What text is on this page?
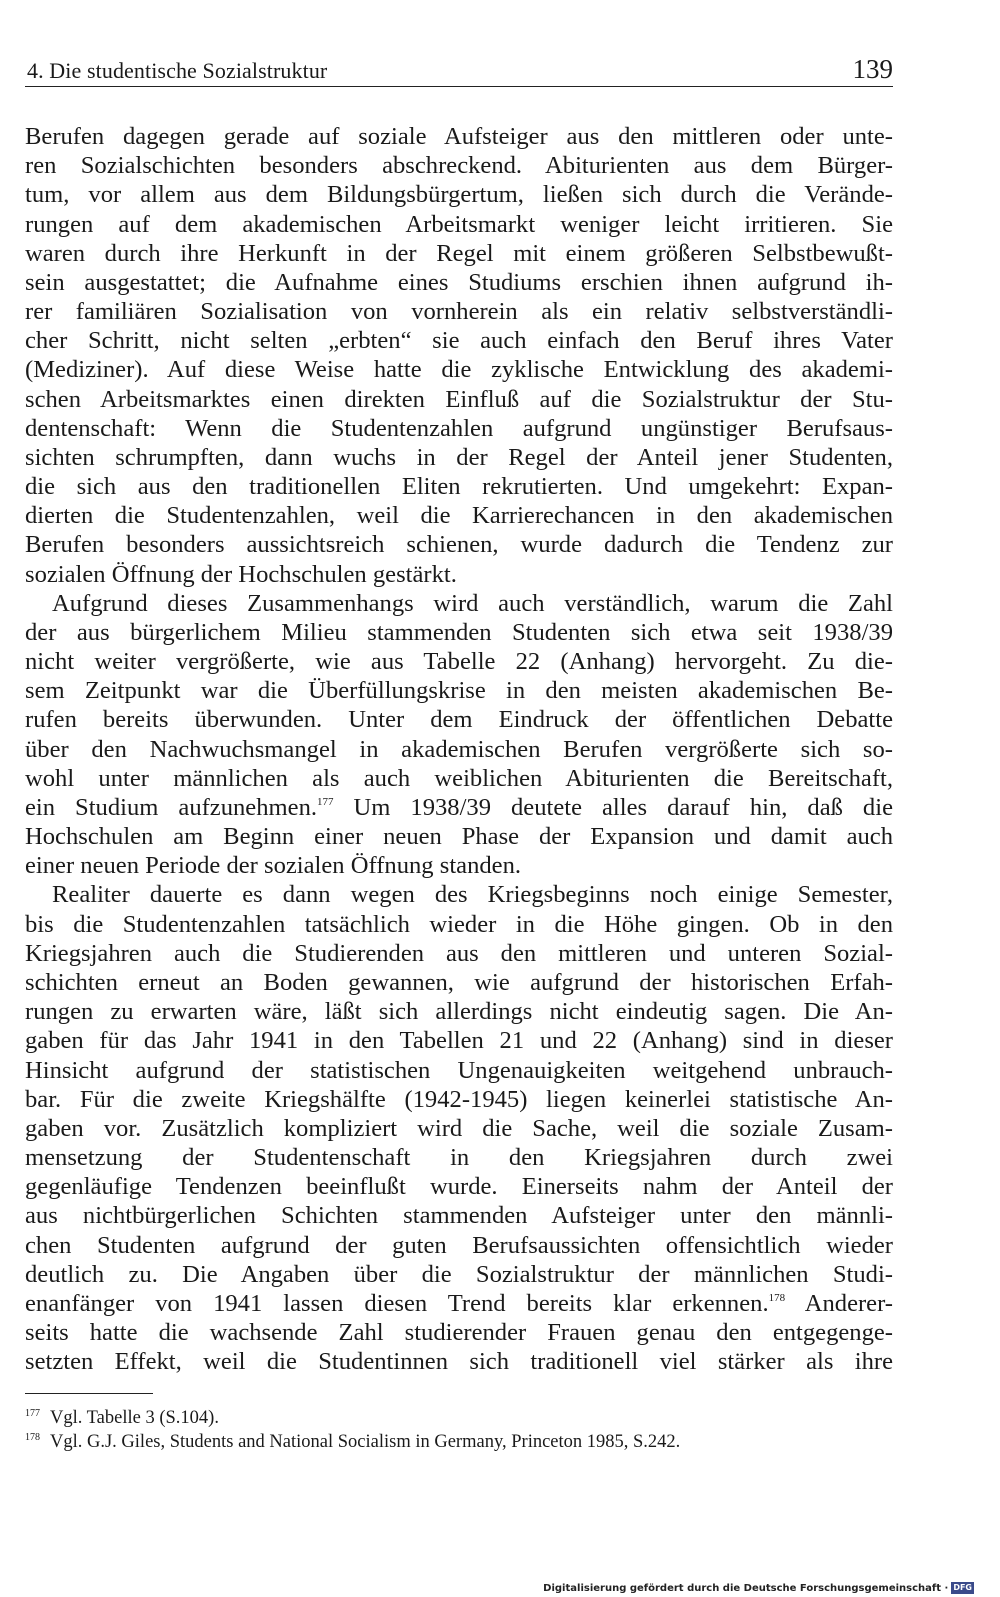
4. Die studentische Sozialstruktur	139
Berufen dagegen gerade auf soziale Aufsteiger aus den mittleren oder unte-
ren Sozialschichten besonders abschreckend. Abiturienten aus dem Bürger-
tum, vor allem aus dem Bildungsbürgertum, ließen sich durch die Verände-
rungen auf dem akademischen Arbeitsmarkt weniger leicht irritieren. Sie
waren durch ihre Herkunft in der Regel mit einem größeren Selbstbewußt-
sein ausgestattet; die Aufnahme eines Studiums erschien ihnen aufgrund ih-
rer familiären Sozialisation von vornherein als ein relativ selbstverständli-
cher Schritt, nicht selten „erbten“ sie auch einfach den Beruf ihres Vater
(Mediziner). Auf diese Weise hatte die zyklische Entwicklung des akademi-
schen Arbeitsmarktes einen direkten Einfluß auf die Sozialstruktur der Stu-
dentenschaft: Wenn die Studentenzahlen aufgrund ungünstiger Berufsaus-
sichten schrumpften, dann wuchs in der Regel der Anteil jener Studenten,
die sich aus den traditionellen Eliten rekrutierten. Und umgekehrt: Expan-
dierten die Studentenzahlen, weil die Karrierechancen in den akademischen
Berufen besonders aussichtsreich schienen, wurde dadurch die Tendenz zur
sozialen Öffnung der Hochschulen gestärkt.
Aufgrund dieses Zusammenhangs wird auch verständlich, warum die Zahl
der aus bürgerlichem Milieu stammenden Studenten sich etwa seit 1938/39
nicht weiter vergrößerte, wie aus Tabelle 22 (Anhang) hervorgeht. Zu die-
sem Zeitpunkt war die Überfüllungskrise in den meisten akademischen Be-
rufen bereits überwunden. Unter dem Eindruck der öffentlichen Debatte
über den Nachwuchsmangel in akademischen Berufen vergrößerte sich so-
wohl unter männlichen als auch weiblichen Abiturienten die Bereitschaft,
ein Studium aufzunehmen.$^{177}$ Um 1938/39 deutete alles darauf hin, daß die
Hochschulen am Beginn einer neuen Phase der Expansion und damit auch
einer neuen Periode der sozialen Öffnung standen.
Realiter dauerte es dann wegen des Kriegsbeginns noch einige Semester,
bis die Studentenzahlen tatsächlich wieder in die Höhe gingen. Ob in den
Kriegsjahren auch die Studierenden aus den mittleren und unteren Sozial-
schichten erneut an Boden gewannen, wie aufgrund der historischen Erfah-
rungen zu erwarten wäre, läßt sich allerdings nicht eindeutig sagen. Die An-
gaben für das Jahr 1941 in den Tabellen 21 und 22 (Anhang) sind in dieser
Hinsicht aufgrund der statistischen Ungenauigkeiten weitgehend unbrauch-
bar. Für die zweite Kriegshälfte (1942-1945) liegen keinerlei statistische An-
gaben vor. Zusätzlich kompliziert wird die Sache, weil die soziale Zusam-
mensetzung der Studentenschaft in den Kriegsjahren durch zwei
gegenläufige Tendenzen beeinflußt wurde. Einerseits nahm der Anteil der
aus nichtbürgerlichen Schichten stammenden Aufsteiger unter den männli-
chen Studenten aufgrund der guten Berufsaussichten offensichtlich wieder
deutlich zu. Die Angaben über die Sozialstruktur der männlichen Studi-
enanfänger von 1941 lassen diesen Trend bereits klar erkennen.$^{178}$ Anderer-
seits hatte die wachsende Zahl studierender Frauen genau den entgegenge-
setzten Effekt, weil die Studentinnen sich traditionell viel stärker als ihre
$^{177}$ Vgl. Tabelle 3 (S.104).
$^{178}$ Vgl. G.J. Giles, Students and National Socialism in Germany, Princeton 1985, S.242.
Digitalisierung gefördert durch die Deutsche Forschungsgemeinschaft · DFG
